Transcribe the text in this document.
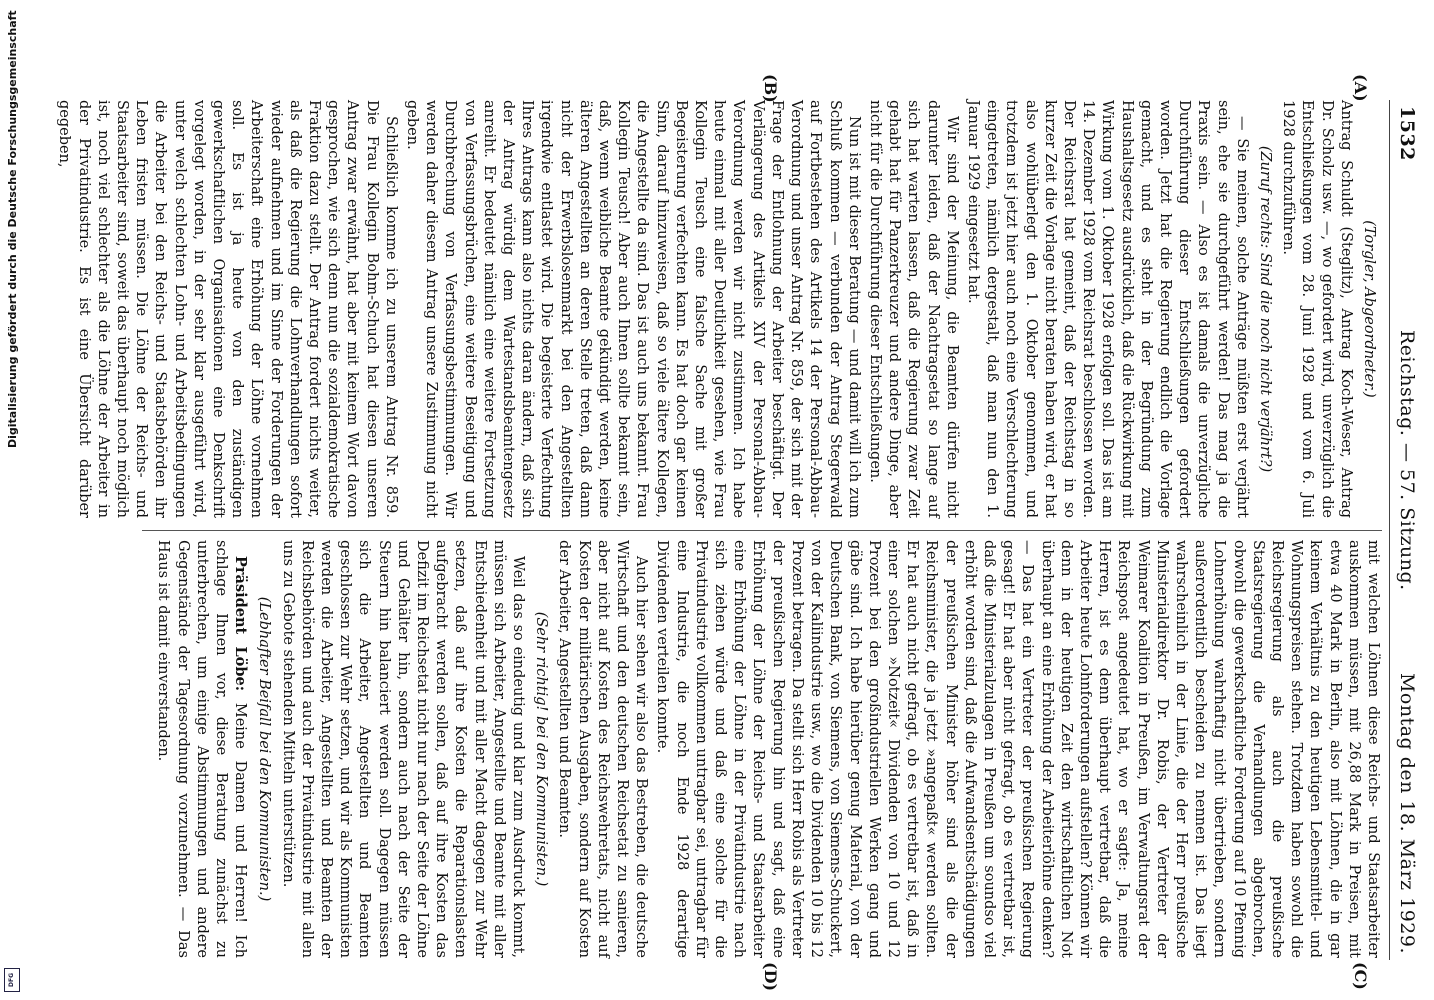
1532
Reichstag. — 57. Sitzung.
Montag den 18. März 1929.
(A)
(B)
(C)
(D)

(Torgler, Abgeordneter.)

Antrag Schuldt (Steglitz), Antrag Koch-Weser, Antrag Dr. Scholz usw. —, wo gefordert wird, unverzüglich die Entschließungen vom 28. Juni 1928 und vom 6. Juli 1928 durchzuführen.

(Zuruf rechts: Sind die noch nicht verjährt?)

— Sie meinen, solche Anträge müßten erst verjährt sein, ehe sie durchgeführt werden! Das mag ja die Praxis sein. — Also es ist damals die unverzügliche Durchführung dieser Entschließungen gefordert worden. Jetzt hat die Regierung endlich die Vorlage gemacht, und es steht in der Begründung zum Haushaltsgesetz ausdrücklich, daß die Rückwirkung mit Wirkung vom 1. Oktober 1928 erfolgen soll. Das ist am 14. Dezember 1928 vom Reichsrat beschlossen worden. Der Reichsrat hat gemeint, daß der Reichstag in so kurzer Zeit die Vorlage nicht beraten haben wird, er hat also wohlüberlegt den 1. Oktober genommen, und trotzdem ist jetzt hier auch noch eine Verschlechterung eingetreten, nämlich dergestalt, daß man nun den 1. Januar 1929 eingesetzt hat.

Wir sind der Meinung, die Beamten dürfen nicht darunter leiden, daß der Nachtragsetat so lange auf sich hat warten lassen, daß die Regierung zwar Zeit gehabt hat für Panzerkreuzer und andere Dinge, aber nicht für die Durchführung dieser Entschließungen.

Nun ist mit dieser Beratung — und damit will ich zum Schluß kommen — verbunden der Antrag Stegerwald auf Fortbestehen des Artikels 14 der Personal-Abbau-Verordnung und unser Antrag Nr. 859, der sich mit der Frage der Entlohnung der Arbeiter beschäftigt. Der Verlängerung des Artikels XIV der Personal-Abbau-Verordnung werden wir nicht zustimmen. Ich habe heute einmal mit aller Deutlichkeit gesehen, wie Frau Kollegin Teusch eine falsche Sache mit großer Begeisterung verfechten kann. Es hat doch gar keinen Sinn, darauf hinzuweisen, daß so viele ältere Kollegen, die Angestellte da sind. Das ist auch uns bekannt. Frau Kollegin Teusch! Aber auch Ihnen sollte bekannt sein, daß, wenn weibliche Beamte gekündigt werden, keine älteren Angestellten an deren Stelle treten, daß dann nicht der Erwerbslosenmarkt bei den Angestellten irgendwie entlastet wird. Die begeisterte Verfechtung Ihres Antrags kann also nichts daran ändern, daß sich der Antrag würdig dem Wartestandsbeamtengesetz anreiht. Er bedeutet nämlich eine weitere Fortsetzung von Verfassungsbrüchen, eine weitere Beseitigung und Durchbrechung von Verfassungsbestimmungen. Wir werden daher diesem Antrag unsere Zustimmung nicht geben.

Schließlich komme ich zu unserem Antrag Nr. 859. Die Frau Kollegin Bohm-Schuch hat diesen unseren Antrag zwar erwähnt, hat aber mit keinem Wort davon gesprochen, wie sich denn nun die sozialdemokratische Fraktion dazu stellt. Der Antrag fordert nichts weiter, als daß die Regierung die Lohnverhandlungen sofort wieder aufnehmen und im Sinne der Forderungen der Arbeiterschaft eine Erhöhung der Löhne vornehmen soll. Es ist ja heute von den zuständigen gewerkschaftlichen Organisationen eine Denkschrift vorgelegt worden, in der sehr klar ausgeführt wird, unter welch schlechten Lohn- und Arbeitsbedingungen die Arbeiter bei den Reichs- und Staatsbehörden ihr Leben fristen müssen. Die Löhne der Reichs- und Staatsarbeiter sind, soweit das überhaupt noch möglich ist, noch viel schlechter als die Löhne der Arbeiter in der Privatindustrie. Es ist eine Übersicht darüber gegeben,

mit welchen Löhnen diese Reichs- und Staatsarbeiter auskommen müssen, mit 26,88 Mark in Preisen, mit etwa 40 Mark in Berlin, also mit Löhnen, die in gar keinem Verhältnis zu den heutigen Lebensmittel- und Wohnungspreisen stehen. Trotzdem haben sowohl die Reichsregierung als auch die preußische Staatsregierung die Verhandlungen abgebrochen, obwohl die gewerkschaftliche Forderung auf 10 Pfennig Lohnerhöhung wahrhaftig nicht übertrieben, sondern außerordentlich bescheiden zu nennen ist. Das liegt wahrscheinlich in der Linie, die der Herr preußische Ministerialdirektor Dr. Robis, der Vertreter der Weimarer Koalition in Preußen, im Verwaltungsrat der Reichspost angedeutet hat, wo er sagte: Ja, meine Herren, ist es denn überhaupt vertretbar, daß die Arbeiter heute Lohnforderungen aufstellen? Können wir denn in der heutigen Zeit den wirtschaftlichen Not überhaupt an eine Erhöhung der Arbeiterlöhne denken? — Das hat ein Vertreter der preußischen Regierung gesagt! Er hat aber nicht gefragt, ob es vertretbar ist, daß die Ministerialzulagen in Preußen um soundso viel erhöht worden sind, daß die Aufwandsentschädigungen der preußischen Minister höher sind als die der Reichsminister, die ja jetzt »angepaßt« werden sollten. Er hat auch nicht gefragt, ob es vertretbar ist, daß in einer solchen »Notzeit« Dividenden von 10 und 12 Prozent bei den großindustriellen Werken gang und gäbe sind. Ich habe hierüber genug Material, von der Deutschen Bank, von Siemens, von Siemens-Schuckert, von der Kaliindustrie usw., wo die Dividenden 10 bis 12 Prozent betragen. Da stellt sich Herr Robis als Vertreter der preußischen Regierung hin und sagt, daß eine Erhöhung der Löhne der Reichs- und Staatsarbeiter eine Erhöhung der Löhne in der Privatindustrie nach sich ziehen würde und daß eine solche für die Privatindustrie vollkommen untragbar sei, untragbar für eine Industrie, die noch Ende 1928 derartige Dividenden verteilen konnte.

Auch hier sehen wir also das Bestreben, die deutsche Wirtschaft und den deutschen Reichsetat zu sanieren, aber nicht auf Kosten des Reichswehretats, nicht auf Kosten der militärischen Ausgaben, sondern auf Kosten der Arbeiter, Angestellten und Beamten.

(Sehr richtig! bei den Kommunisten.)

Weil das so eindeutig und klar zum Ausdruck kommt, müssen sich Arbeiter, Angestellte und Beamte mit aller Entschiedenheit und mit aller Macht dagegen zur Wehr setzen, daß auf ihre Kosten die Reparationslasten aufgebracht werden sollen, daß auf ihre Kosten das Defizit im Reichsetat nicht nur nach der Seite der Löhne und Gehälter hin, sondern auch nach der Seite der Steuern hin balanciert werden soll. Dagegen müssen sich die Arbeiter, Angestellten und Beamten geschlossen zur Wehr setzen, und wir als Kommunisten werden die Arbeiter, Angestellten und Beamten der Reichsbehörden und auch der Privatindustrie mit allen uns zu Gebote stehenden Mitteln unterstützen.

(Lebhafter Beifall bei den Kommunisten.)

Präsident Löbe: Meine Damen und Herren! Ich schlage Ihnen vor, diese Beratung zunächst zu unterbrechen, um einige Abstimmungen und andere Gegenstände der Tagesordnung vorzunehmen. — Das Haus ist damit einverstanden.

Digitalisierung gefördert durch die Deutsche Forschungsgemeinschaft
DFG
